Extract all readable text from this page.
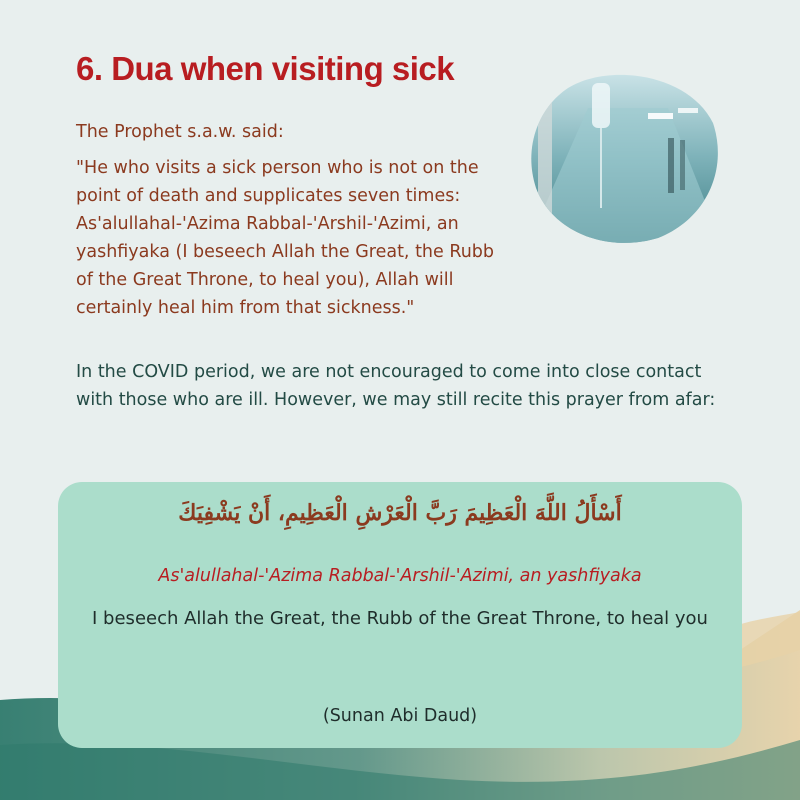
6. Dua when visiting sick

The Prophet s.a.w. said:

"He who visits a sick person who is not on the point of death and supplicates seven times: As'alullahal-'Azima Rabbal-'Arshil-'Azimi, an yashfiyaka (I beseech Allah the Great, the Rubb of the Great Throne, to heal you), Allah will certainly heal him from that sickness."

In the COVID period, we are not encouraged to come into close contact with those who are ill. However, we may still recite this prayer from afar:

أَسْأَلُ اللَّهَ الْعَظِيمَ رَبَّ الْعَرْشِ الْعَظِيمِ، أَنْ يَشْفِيَكَ
As'alullahal-'Azima Rabbal-'Arshil-'Azimi, an yashfiyaka
I beseech Allah the Great, the Rubb of the Great Throne, to heal you
(Sunan Abi Daud)
